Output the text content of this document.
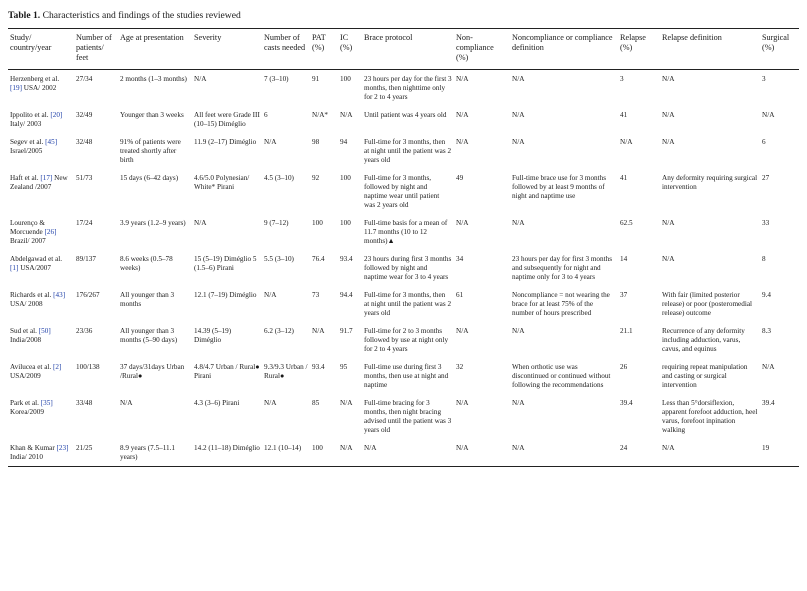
Table 1. Characteristics and findings of the studies reviewed
Study/ country/year	Number of patients/ feet	Age at presentation	Severity	Number of casts needed	PAT (%)	IC (%)	Brace protocol	Non- compliance (%)	Noncompliance or compliance definition	Relapse (%)	Relapse definition	Surgical (%)
Herzenberg et al. [19] USA/ 2002	27/34	2 months (1–3 months)	N/A	7 (3–10)	91	100	23 hours per day for the first 3 months, then nighttime only for 2 to 4 years	N/A	N/A	3	N/A	3
Ippolito et al. [20] Italy/ 2003	32/49	Younger than 3 weeks	All feet were Grade III (10–15) Diméglio	6	N/A*	N/A	Until patient was 4 years old	N/A	N/A	41	N/A	N/A
Segev et al. [45] Israel/2005	32/48	91% of patients were treated shortly after birth	11.9 (2–17) Diméglio	N/A	98	94	Full-time for 3 months, then at night until the patient was 2 years old	N/A	N/A	N/A	N/A	6
Haft et al. [17] New Zealand /2007	51/73	15 days (6–42 days)	4.6/5.0 Polynesian/ White* Pirani	4.5 (3–10)	92	100	Full-time for 3 months, followed by night and naptime wear until patient was 2 years old	49	Full-time brace use for 3 months followed by at least 9 months of night and naptime use	41	Any deformity requiring surgical intervention	27
Lourenço & Morcuende [26] Brazil/ 2007	17/24	3.9 years (1.2–9 years)	N/A	9 (7–12)	100	100	Full-time basis for a mean of 11.7 months (10 to 12 months)▲	N/A	N/A	62.5	N/A	33
Abdelgawad et al. [1] USA/2007	89/137	8.6 weeks (0.5–78 weeks)	15 (5–19) Diméglio 5 (1.5–6) Pirani	5.5 (3–10)	76.4	93.4	23 hours during first 3 months followed by night and naptime wear for 3 to 4 years	34	23 hours per day for first 3 months and subsequently for night and naptime only for 3 to 4 years	14	N/A	8
Richards et al. [43] USA/ 2008	176/267	All younger than 3 months	12.1 (7–19) Diméglio	N/A	73	94.4	Full-time for 3 months, then at night until the patient was 2 years old	61	Noncompliance = not wearing the brace for at least 75% of the number of hours prescribed	37	With fair (limited posterior release) or poor (posteromedial release) outcome	9.4
Sud et al. [50] India/2008	23/36	All younger than 3 months (5–90 days)	14.39 (5–19) Diméglio	6.2 (3–12)	N/A	91.7	Full-time for 2 to 3 months followed by use at night only for 2 to 4 years	N/A	N/A	21.1	Recurrence of any deformity including adduction, varus, cavus, and equinus	8.3
Avilucea et al. [2] USA/2009	100/138	37 days/31days Urban /Rural●	4.8/4.7 Urban / Rural● Pirani	9.3/9.3 Urban / Rural●	93.4	95	Full-time use during first 3 months, then use at night and naptime	32	When orthotic use was discontinued or continued without following the recommendations	26	requiring repeat manipulation and casting or surgical intervention	N/A
Park et al. [35] Korea/2009	33/48	N/A	4.3 (3–6) Pirani	N/A	85	N/A	Full-time bracing for 3 months, then night bracing advised until the patient was 3 years old	N/A	N/A	39.4	Less than 5°dorsiflexion, apparent forefoot adduction, heel varus, forefoot inpination walking	39.4
Khan & Kumar [23] India/ 2010	21/25	8.9 years (7.5–11.1 years)	14.2 (11–18) Diméglio	12.1 (10–14)	100	N/A	N/A	N/A	N/A	24	N/A	19
